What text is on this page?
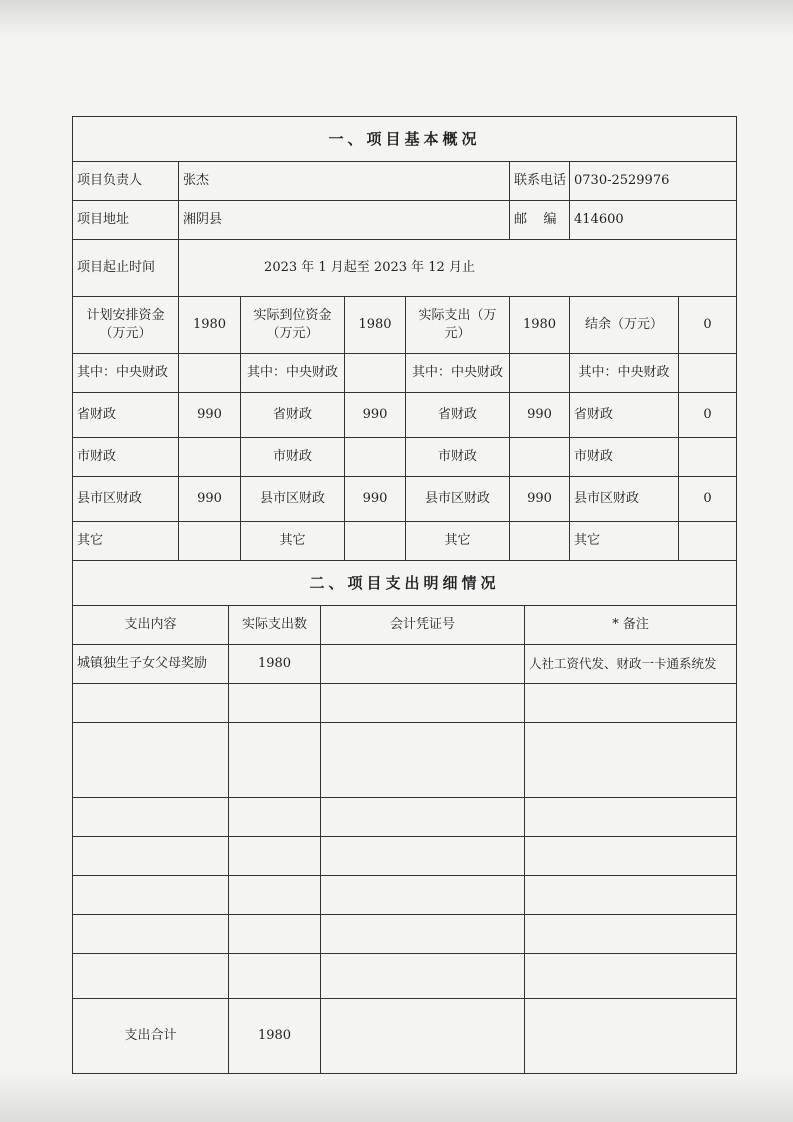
一、项目基本概况							
项目负责人	张杰				联系电话	0730-2529976	
项目地址	湘阴县				邮    编	414600	
项目起止时间	2023 年 1 月起至 2023 年 12 月止						
计划安排资金（万元）	1980	实际到位资金（万元）	1980	实际支出（万元）	1980	结余（万元）	0
其中：中央财政		其中：中央财政		其中：中央财政		其中：中央财政	
省财政	990	省财政	990	省财政	990	省财政	0
市财政		市财政		市财政		市财政	
县市区财政	990	县市区财政	990	县市区财政	990	县市区财政	0
其它		其它		其它		其它	
二、项目支出明细情况			
支出内容	实际支出数	会计凭证号	* 备注
城镇独生子女父母奖励	1980		人社工资代发、财政一卡通系统发

支出合计	1980		
